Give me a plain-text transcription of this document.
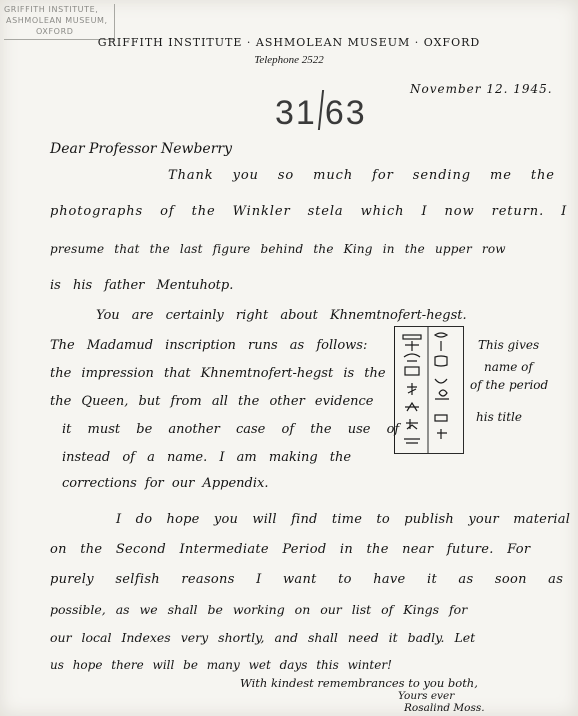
GRIFFITH INSTITUTE,
ASHMOLEAN MUSEUM,
OXFORD
GRIFFITH INSTITUTE · ASHMOLEAN MUSEUM · OXFORD
Telephone 2522
31 63
November 12. 1945.
Dear Professor Newberry
Thank you so much for sending me the
photographs of the Winkler stela which I now return. I
presume that the last figure behind the King in the upper row
is his father Mentuhotp.
You are certainly right about Khnemtnofert-hegst.
The Madamud inscription runs as follows:
the impression that Khnemtnofert-hegst is the
the Queen, but from all the other evidence
it must be another case of the use of
instead of a name. I am making the
corrections for our Appendix.
I do hope you will find time to publish your material
on the Second Intermediate Period in the near future. For
purely selfish reasons I want to have it as soon as
possible, as we shall be working on our list of Kings for
our local Indexes very shortly, and shall need it badly. Let
us hope there will be many wet days this winter!
This gives
name of
of the period
his title
With kindest remembrances to you both,
Yours ever
Rosalind Moss.
